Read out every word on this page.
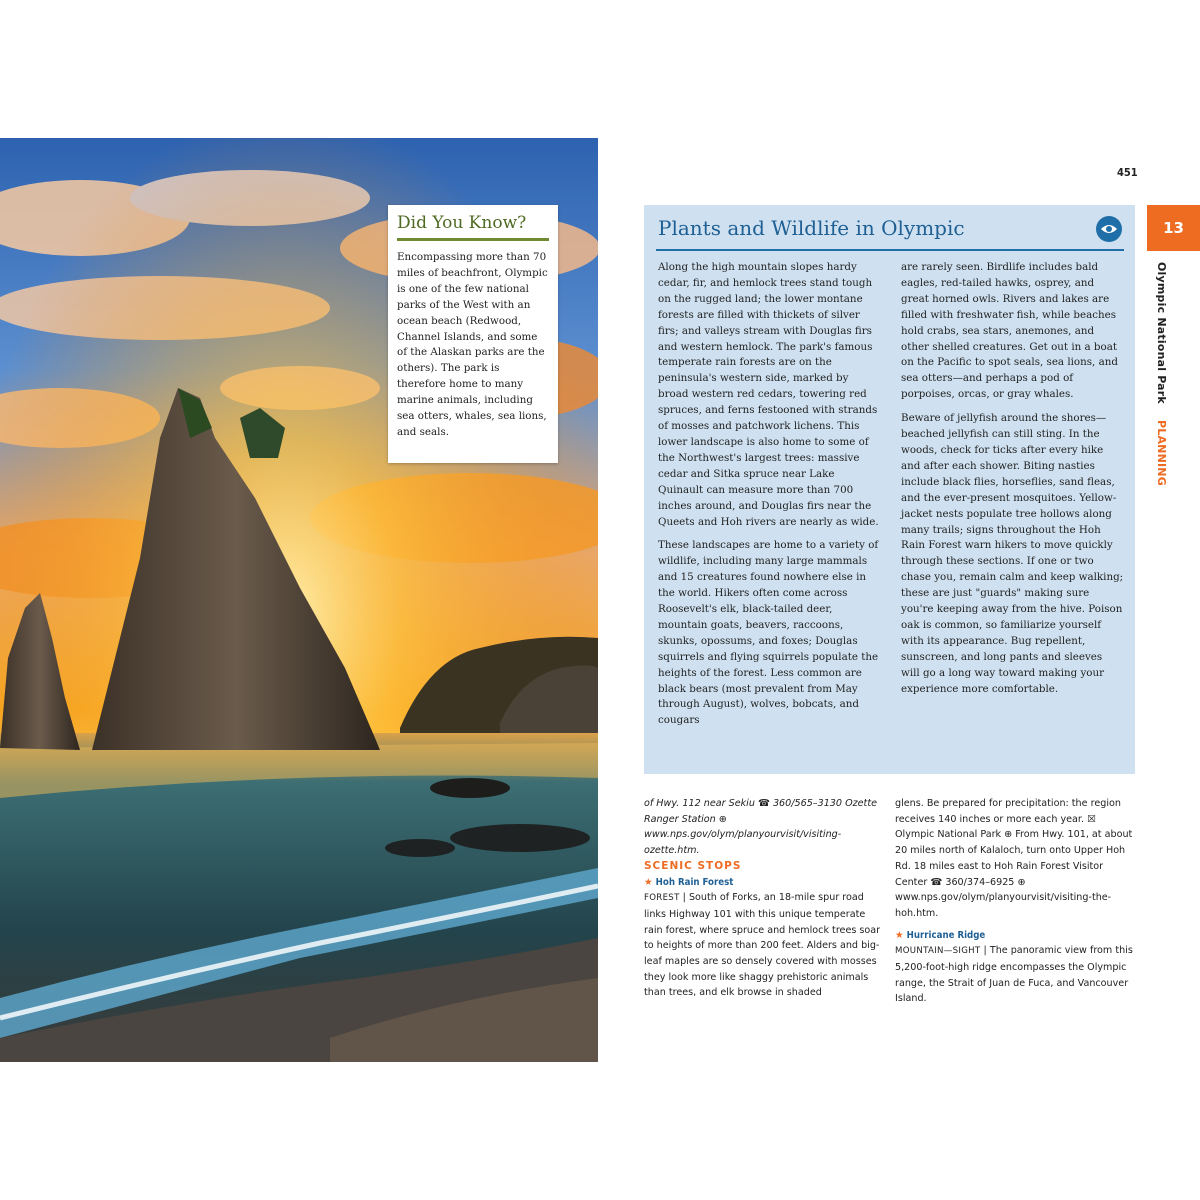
Did You Know?
Encompassing more than 70 miles of beachfront, Olympic is one of the few national parks of the West with an ocean beach (Redwood, Channel Islands, and some of the Alaskan parks are the others). The park is therefore home to many marine animals, including sea otters, whales, sea lions, and seals.
451
13
Olympic National Park PLANNING
Plants and Wildlife in Olympic

Along the high mountain slopes hardy cedar, fir, and hemlock trees stand tough on the rugged land; the lower montane forests are filled with thickets of silver firs; and valleys stream with Douglas firs and western hemlock. The park's famous temperate rain forests are on the peninsula's western side, marked by broad western red cedars, towering red spruces, and ferns festooned with strands of mosses and patchwork lichens. This lower landscape is also home to some of the Northwest's largest trees: massive cedar and Sitka spruce near Lake Quinault can measure more than 700 inches around, and Douglas firs near the Queets and Hoh rivers are nearly as wide.

These landscapes are home to a variety of wildlife, including many large mammals and 15 creatures found nowhere else in the world. Hikers often come across Roosevelt's elk, black-tailed deer, mountain goats, beavers, raccoons, skunks, opossums, and foxes; Douglas squirrels and flying squirrels populate the heights of the forest. Less common are black bears (most prevalent from May through August), wolves, bobcats, and cougars

are rarely seen. Birdlife includes bald eagles, red-tailed hawks, osprey, and great horned owls. Rivers and lakes are filled with freshwater fish, while beaches hold crabs, sea stars, anemones, and other shelled creatures. Get out in a boat on the Pacific to spot seals, sea lions, and sea otters—and perhaps a pod of porpoises, orcas, or gray whales.

Beware of jellyfish around the shores—beached jellyfish can still sting. In the woods, check for ticks after every hike and after each shower. Biting nasties include black flies, horseflies, sand fleas, and the ever-present mosquitoes. Yellow-jacket nests populate tree hollows along many trails; signs throughout the Hoh Rain Forest warn hikers to move quickly through these sections. If one or two chase you, remain calm and keep walking; these are just "guards" making sure you're keeping away from the hive. Poison oak is common, so familiarize yourself with its appearance. Bug repellent, sunscreen, and long pants and sleeves will go a long way toward making your experience more comfortable.

of Hwy. 112 near Sekiu ☎ 360/565–3130 Ozette Ranger Station ⊕ www.nps.gov/olym/planyourvisit/visiting-ozette.htm.

SCENIC STOPS

★ Hoh Rain Forest

FOREST | South of Forks, an 18-mile spur road links Highway 101 with this unique temperate rain forest, where spruce and hemlock trees soar to heights of more than 200 feet. Alders and big-leaf maples are so densely covered with mosses they look more like shaggy prehistoric animals than trees, and elk browse in shaded

glens. Be prepared for precipitation: the region receives 140 inches or more each year. ☒ Olympic National Park ⊕ From Hwy. 101, at about 20 miles north of Kalaloch, turn onto Upper Hoh Rd. 18 miles east to Hoh Rain Forest Visitor Center ☎ 360/374–6925 ⊕ www.nps.gov/olym/planyourvisit/visiting-the-hoh.htm.

★ Hurricane Ridge

MOUNTAIN—SIGHT | The panoramic view from this 5,200-foot-high ridge encompasses the Olympic range, the Strait of Juan de Fuca, and Vancouver Island.
